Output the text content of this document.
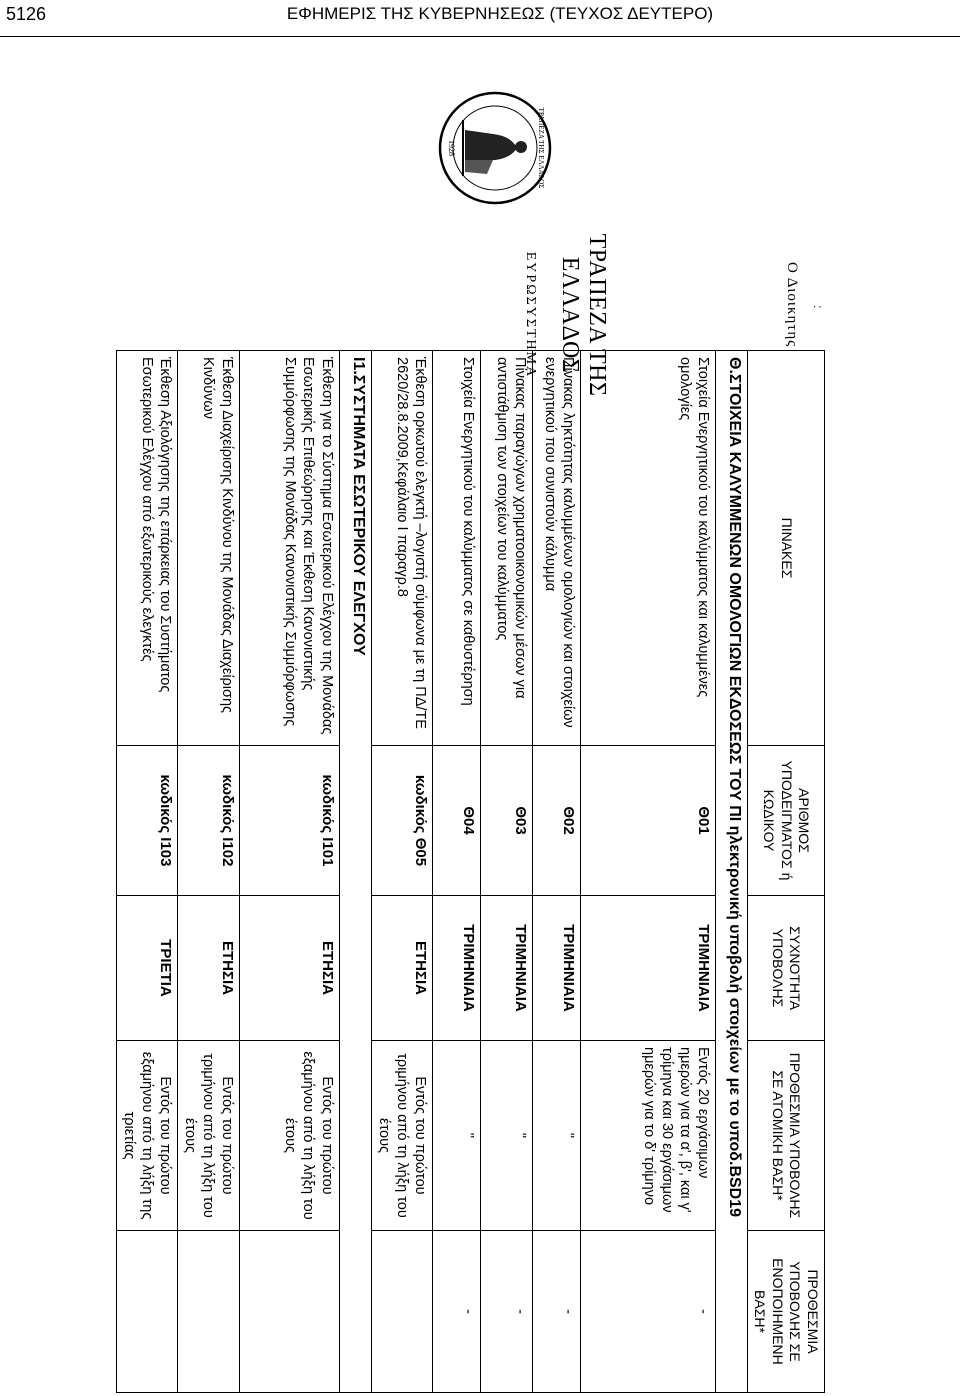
5126	ΕΦΗΜΕΡΙΣ ΤΗΣ ΚΥΒΕΡΝΗΣΕΩΣ (ΤΕΥΧΟΣ ΔΕΥΤΕΡΟ)
1928	ΤΡΑΠΕΖΑ ΤΗΣ ΕΛΛΑΔΟΣ
ΤΡΑΠΕΖΑ ΤΗΣ ΕΛΛΑΔΟΣ
ΕΥΡΩΣΥΣΤΗΜΑ	Ο Διοικητης
ΠΙΝΑΚΕΣ	ΑΡΙΘΜΟΣ ΥΠΟΔΕΙΓΜΑΤΟΣ ή ΚΩΔΙΚΟΥ	ΣΥΧΝΟΤΗΤΑ ΥΠΟΒΟΛΗΣ	ΠΡΟΘΕΣΜΙΑ ΥΠΟΒΟΛΗΣ ΣΕ ΑΤΟΜΙΚΗ ΒΑΣΗ*	ΠΡΟΘΕΣΜΙΑ ΥΠΟΒΟΛΗΣ ΣΕ ΕΝΟΠΟΙΗΜΕΝΗ ΒΑΣΗ*
Θ.ΣΤΟΙΧΕΙΑ ΚΑΛΥΜΜΕΝΩΝ ΟΜΟΛΟΓΙΩΝ ΕΚΔΟΣΕΩΣ ΤΟΥ ΠΙ ηλεκτρονική υποβολή στοιχείων με το υποδ.BSD19				
Στοιχεία Ενεργητικού του καλύμματος και καλυμμένες ομολογίες	Θ01	ΤΡΙΜΗΝΙΑΙΑ	Εντός 20 εργάσιμων ημερών για τα α', β', και γ' τρίμηνα και 30 εργάσιμων ημερών για το δ' τρίμηνο	-
Πίνακας ληκτότητας καλυμμένων ομολογιών και στοιχείων ενεργητικού που συνιστούν κάλυμμα	Θ02	ΤΡΙΜΗΝΙΑΙΑ	"	-
Πίνακας παραγώγων χρηματοοικονομικών μέσων για αντιστάθμιση των στοιχείων του καλύμματος	Θ03	ΤΡΙΜΗΝΙΑΙΑ	"	-
Στοιχεία Ενεργητικού του καλύμματος σε καθυστέρηση	Θ04	ΤΡΙΜΗΝΙΑΙΑ	"	-
Έκθεση ορκωτού ελεγκτή –λογιστή σύμφωνα με τη ΠΔ/ΤΕ 2620/28.8.2009,Κεφάλαιο Ι παραγρ.8	κωδικός Θ05	ΕΤΗΣΙΑ	Εντός του πρώτου τριμήνου από τη λήξη του έτους	
Ι1.ΣΥΣΤΗΜΑΤΑ ΕΣΩΤΕΡΙΚΟΥ ΕΛΕΓΧΟΥ				
Έκθεση για το Σύστημα Εσωτερικού Ελέγχου της Μονάδας Εσωτερικής Επιθεώρησης και Έκθεση Κανονιστικής Συμμόρφωσης της Μονάδας Κανονιστικής Συμμόρφωσης	κωδικός Ι101	ΕΤΗΣΙΑ	Εντός του πρώτου εξαμήνου από τη λήξη του έτους	
Έκθεση Διαχείρισης Κινδύνου της Μονάδας Διαχείρισης Κινδύνων	κωδικός Ι102	ΕΤΗΣΙΑ	Εντός του πρώτου τριμήνου από τη λήξη του έτους	
Έκθεση Αξιολόγησης της επάρκειας του Συστήματος Εσωτερικού Ελέγχου από εξωτερικούς ελεγκτές	κωδικός Ι103	ΤΡΙΕΤΙΑ	Εντός του πρώτου εξαμήνου από τη λήξη της τριετίας	
:
